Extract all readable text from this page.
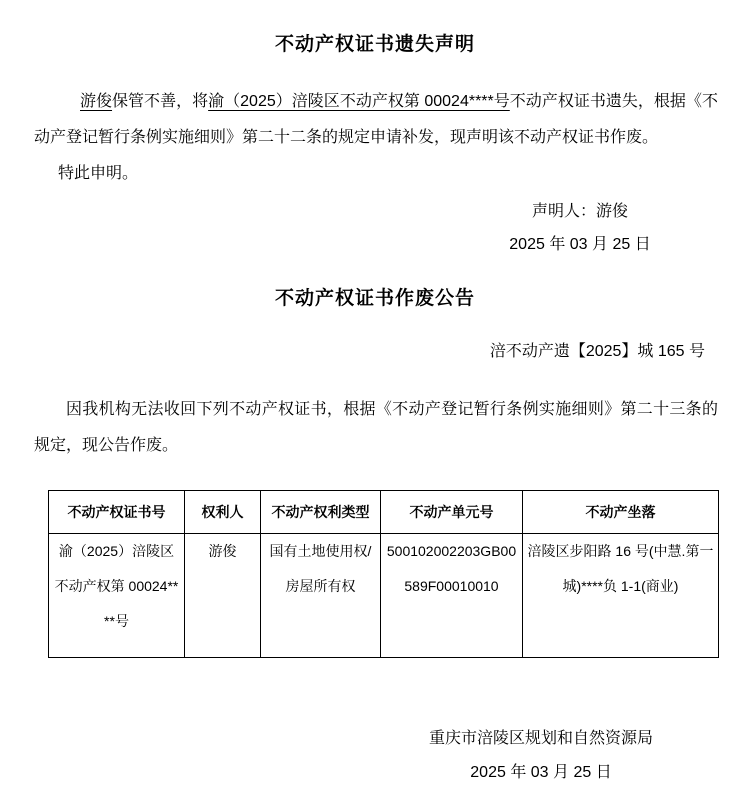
不动产权证书遗失声明

游俊保管不善，将渝（2025）涪陵区不动产权第 00024****号不动产权证书遗失，根据《不动产登记暂行条例实施细则》第二十二条的规定申请补发，现声明该不动产权证书作废。

特此申明。

声明人：游俊
2025 年 03 月 25 日
不动产权证书作废公告
涪不动产遗【2025】城 165 号

因我机构无法收回下列不动产权证书，根据《不动产登记暂行条例实施细则》第二十三条的规定，现公告作废。

不动产权证书号	权利人	不动产权利类型	不动产单元号	不动产坐落
渝（2025）涪陵区不动产权第 00024****号	游俊	国有土地使用权/房屋所有权	500102002203GB00589F00010010	涪陵区步阳路 16 号(中慧.第一城)****负 1-1(商业)
重庆市涪陵区规划和自然资源局
2025 年 03 月 25 日
